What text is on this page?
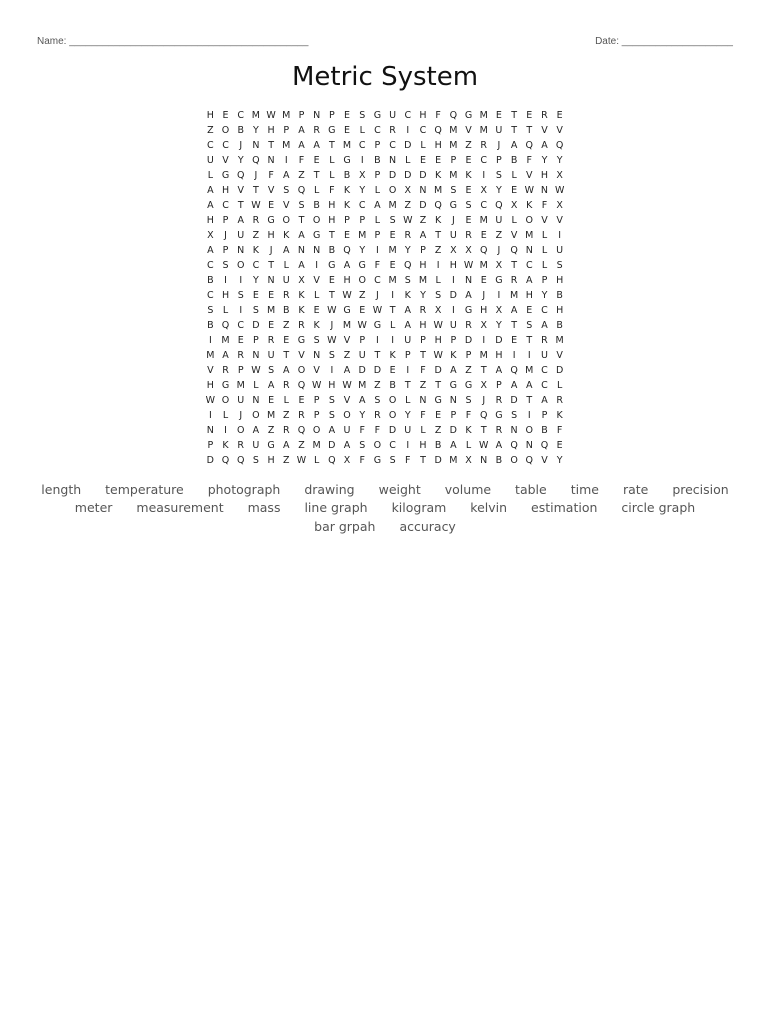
Name: ___________________________________________	Date: ____________________
Metric System
H E C M W M P N P E S G U C H F Q G M E T E R E
Z O B Y H P A R G E	L C R	I	C Q M V M U T T V V
C C	J	N T M A A T M C P C D L H M Z R	J	A Q A Q
U V Y Q N	I	F E	L G	I	B N L	E E P E C P B F	Y Y
L G Q	J	F A Z T	L B X P D D D K M K	I	S	L V H X
A H V T V S Q L	F K Y	L O X N M S E X Y E W N W
A C T W E V S B H K C A M Z D Q G S C Q X K F X
H P A R G O T O H P P	L	S W Z K	J	E M U L O V V
X	J	U Z H K A G T E M P E R A T U R E Z V M L	I
A P N K	J	A N N B Q Y	I	M Y P Z X X Q	J	Q N L U
C S O C T	L A	I	G A G F E Q H	I	H W M X T C L	S
B	I	I	Y N U X V E H O C M S M L	I	N E G R A P H
C H S E E R K L	T W Z	J	I	K Y S D A	J	I	M H Y B
S	L	I	S M B K E W G E W T A R X	I	G H X A E C H
B Q C D E Z R K	J	M W G L A H W U R X Y T S A B
I	M E P R E G S W V P	I	I	U P H P D	I	D E T R M
M A R N U T V N S Z U T K P T W K P M H	I	I	U V
V R P W S A O V	I	A D D E	I	F D A Z T A Q M C D
H G M L A R Q W H W M Z B T Z T G G X P A A C L
W O U N E	L	E P S V A S O L N G N S	J	R D T A R
I	L	J	O M Z R P S O Y R O Y	F E P	F Q G S	I	P K
N	I	O A Z R Q O A U F	F D U L Z D K T R N O B F
P K R U G A Z M D A S O C	I	H B A L W A Q N Q E
D Q Q S H Z W L Q X F G S F	T D M X N B O Q V Y
length temperature photograph drawing weight volume table time rate precision meter measurement mass line graph kilogram kelvin estimation circle graph bar grpah accuracy
